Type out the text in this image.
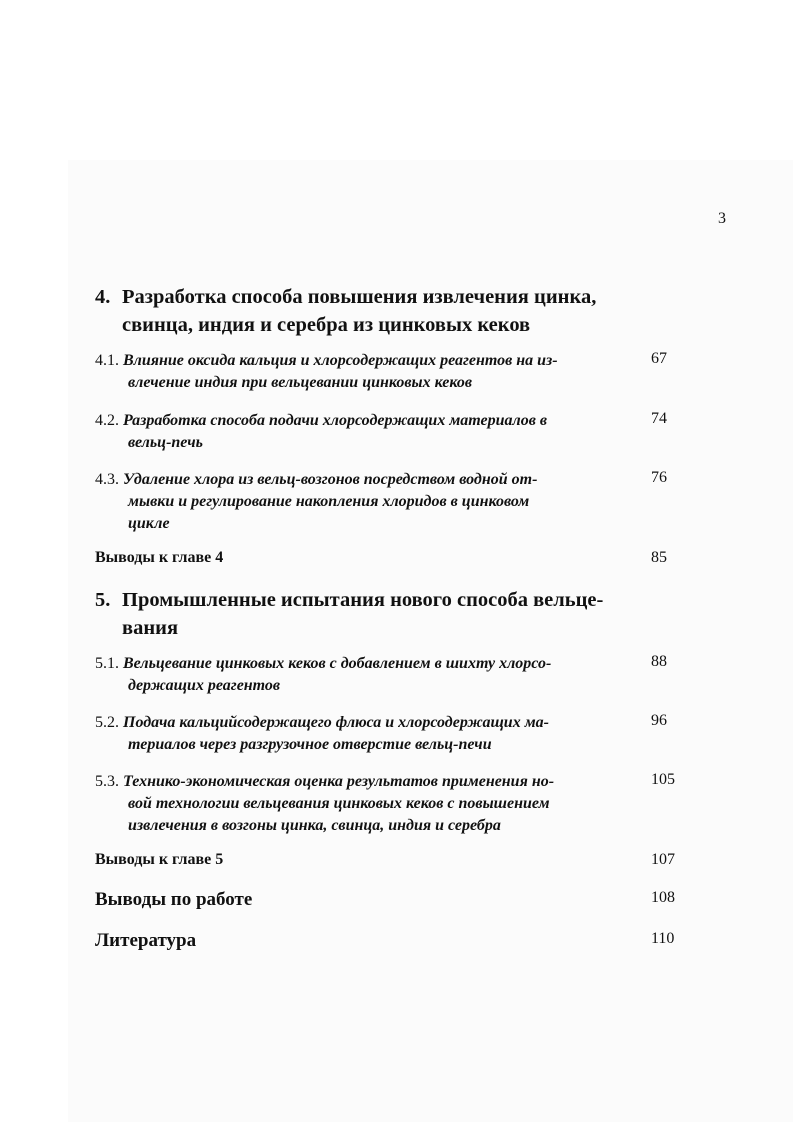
3
4. Разработка способа повышения извлечения цинка,
свинца, индия и серебра из цинковых кеков
4.1. Влияние оксида кальция и хлорсодержащих реагентов на из-
влечение индия при вельцевании цинковых кеков
67
4.2. Разработка способа подачи хлорсодержащих материалов в
вельц-печь
74
4.3. Удаление хлора из вельц-возгонов посредством водной от-
мывки и регулирование накопления хлоридов в цинковом
цикле
76
Выводы к главе 4	85
5. Промышленные испытания нового способа вельце-
вания
5.1. Вельцевание цинковых кеков с добавлением в шихту хлорсо-
держащих реагентов
88
5.2. Подача кальцийсодержащего флюса и хлорсодержащих ма-
териалов через разгрузочное отверстие вельц-печи
96
5.3. Технико-экономическая оценка результатов применения но-
вой технологии вельцевания цинковых кеков с повышением
извлечения в возгоны цинка, свинца, индия и серебра
105
Выводы к главе 5	107
Выводы по работе	108
Литература	110
